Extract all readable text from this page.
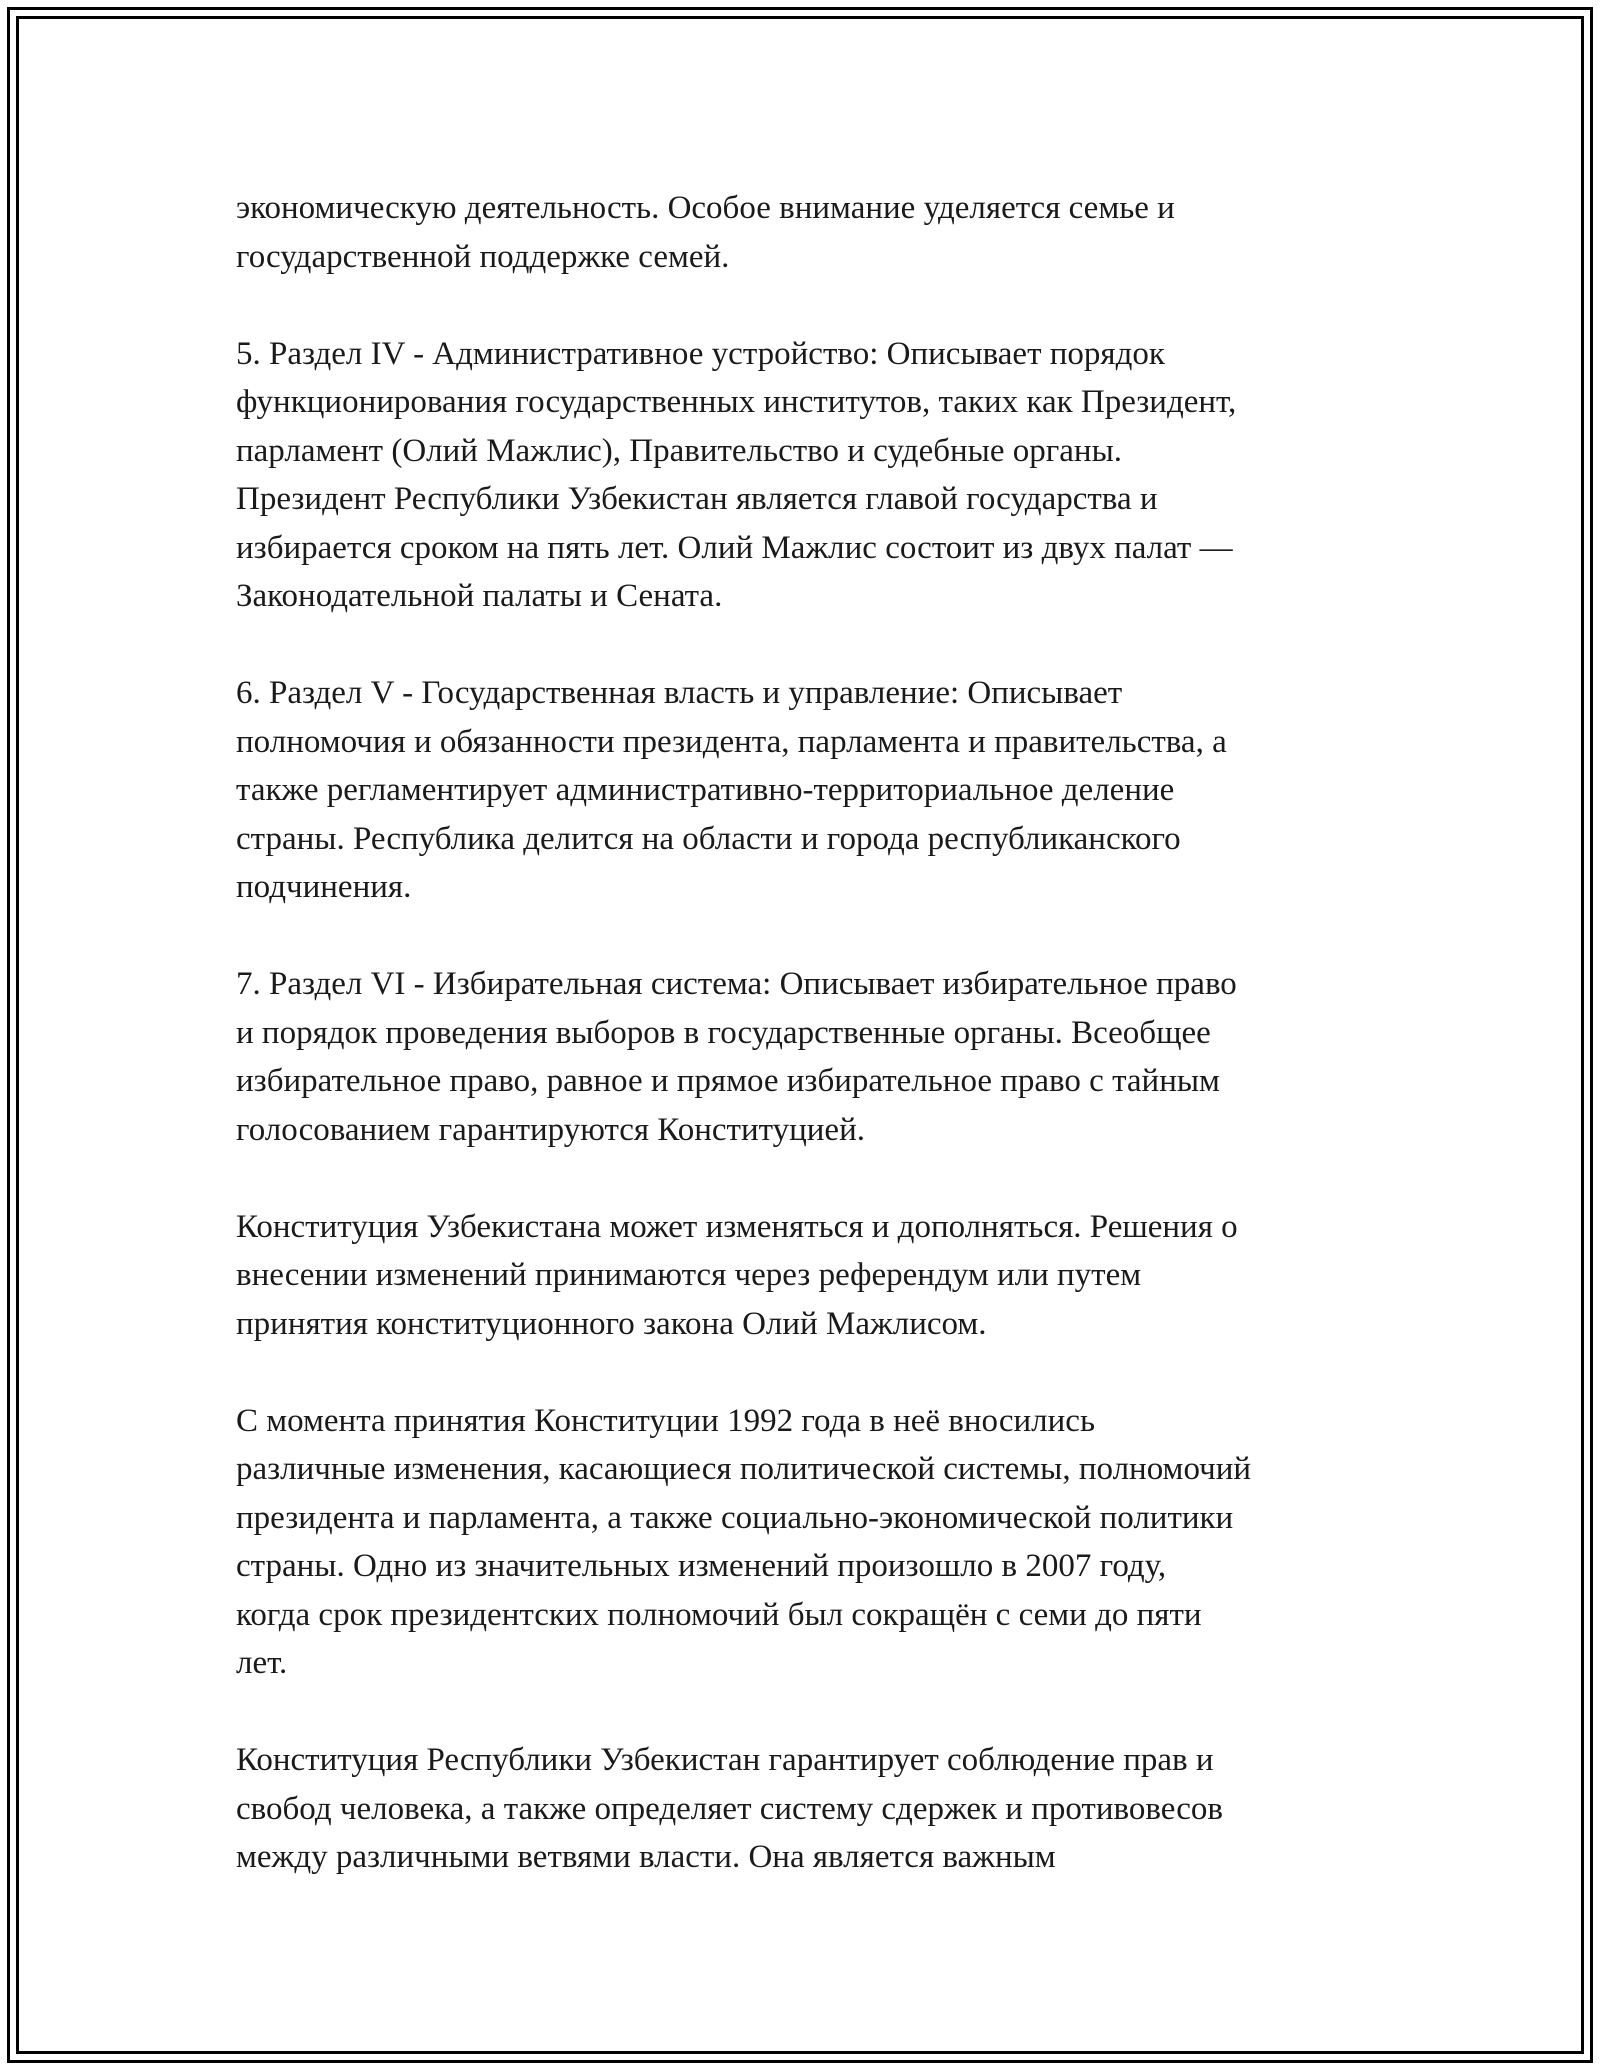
экономическую деятельность. Особое внимание уделяется семье и
государственной поддержке семей.

5. Раздел IV - Административное устройство: Описывает порядок
функционирования государственных институтов, таких как Президент,
парламент (Олий Мажлис), Правительство и судебные органы.
Президент Республики Узбекистан является главой государства и
избирается сроком на пять лет. Олий Мажлис состоит из двух палат —
Законодательной палаты и Сената.

6. Раздел V - Государственная власть и управление: Описывает
полномочия и обязанности президента, парламента и правительства, а
также регламентирует административно-территориальное деление
страны. Республика делится на области и города республиканского
подчинения.

7. Раздел VI - Избирательная система: Описывает избирательное право
и порядок проведения выборов в государственные органы. Всеобщее
избирательное право, равное и прямое избирательное право с тайным
голосованием гарантируются Конституцией.

Конституция Узбекистана может изменяться и дополняться. Решения о
внесении изменений принимаются через референдум или путем
принятия конституционного закона Олий Мажлисом.

С момента принятия Конституции 1992 года в неё вносились
различные изменения, касающиеся политической системы, полномочий
президента и парламента, а также социально-экономической политики
страны. Одно из значительных изменений произошло в 2007 году,
когда срок президентских полномочий был сокращён с семи до пяти
лет.

Конституция Республики Узбекистан гарантирует соблюдение прав и
свобод человека, а также определяет систему сдержек и противовесов
между различными ветвями власти. Она является важным
